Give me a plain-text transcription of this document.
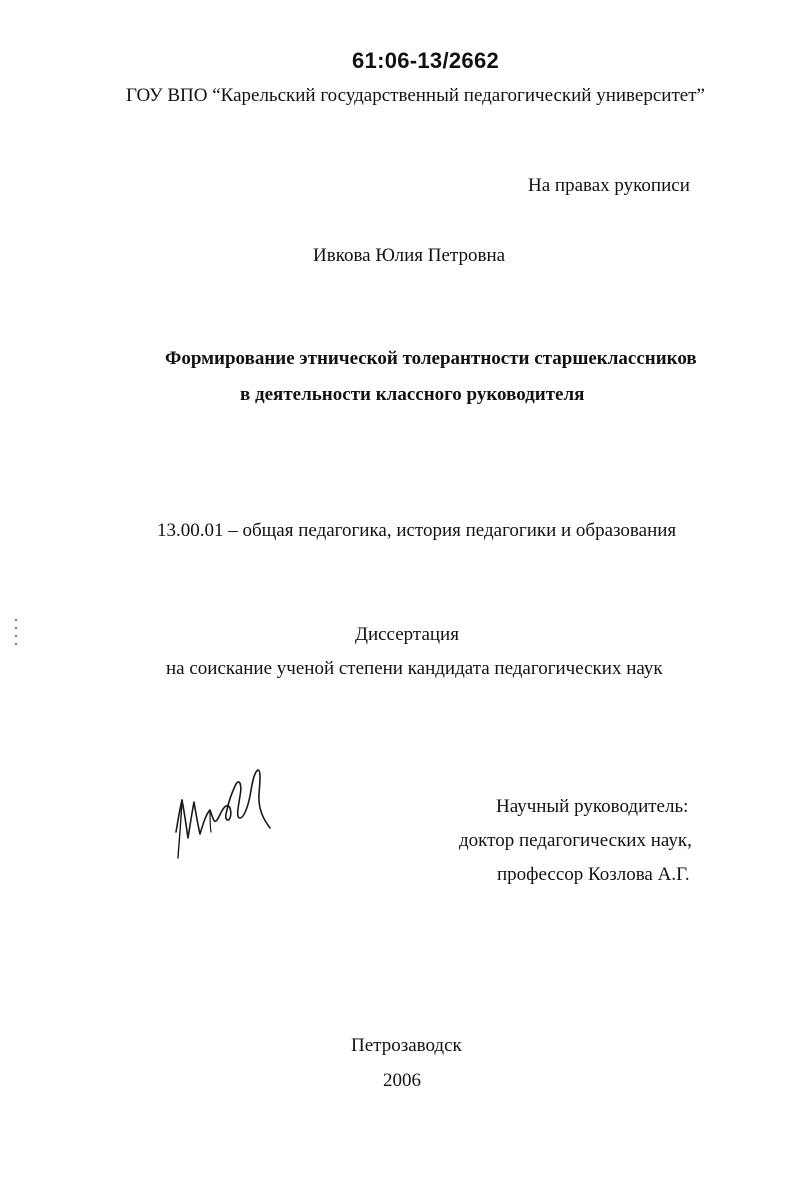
61:06-13/2662
ГОУ ВПО “Карельский государственный педагогический университет”
На правах рукописи
Ивкова Юлия Петровна
Формирование этнической толерантности старшеклассников
в деятельности классного руководителя
13.00.01 – общая педагогика, история педагогики и образования
Диссертация
на соискание ученой степени кандидата педагогических наук
Научный руководитель:
доктор педагогических наук,
профессор Козлова А.Г.
Петрозаводск
2006
